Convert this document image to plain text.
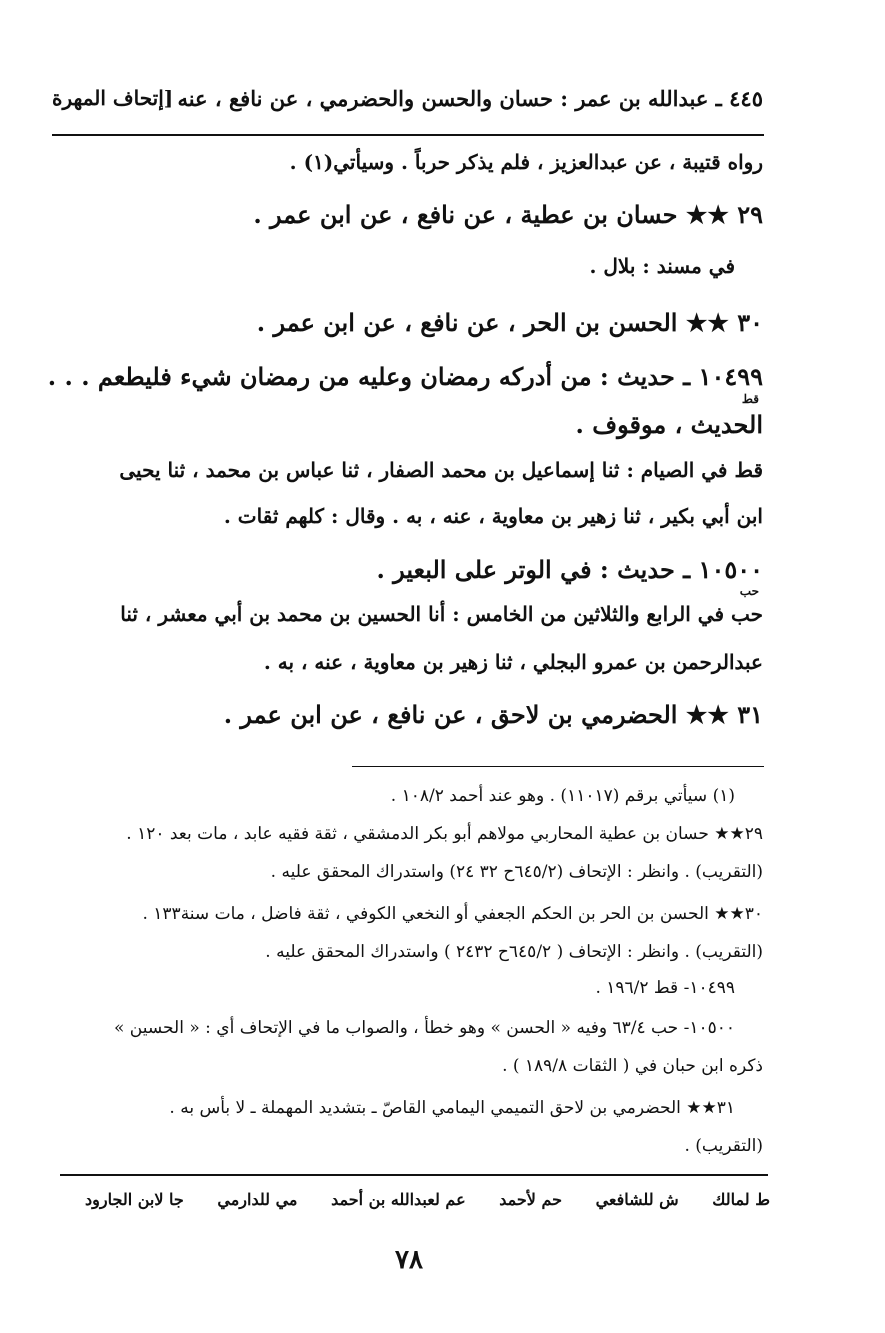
٤٤٥ ـ عبدالله بن عمر : حسان والحسن والحضرمي ، عن نافع ، عنه
[إتحاف المهرة
رواه قتيبة ، عن عبدالعزيز ، فلم يذكر حرباً . وسيأتي(١) .
٢٩ ★★ حسان بن عطية ، عن نافع ، عن ابن عمر .
في مسند : بلال .
٣٠ ★★ الحسن بن الحر ، عن نافع ، عن ابن عمر .
١٠٤٩٩ ـ حديث : من أدركه رمضان وعليه من رمضان شيء فليطعم . . .
قط
الحديث ، موقوف .
قط في الصيام : ثنا إسماعيل بن محمد الصفار ، ثنا عباس بن محمد ، ثنا يحيى
ابن أبي بكير ، ثنا زهير بن معاوية ، عنه ، به . وقال : كلهم ثقات .
١٠٥٠٠ ـ حديث : في الوتر على البعير .
حب
حب في الرابع والثلاثين من الخامس : أنا الحسين بن محمد بن أبي معشر ، ثنا
عبدالرحمن بن عمرو البجلي ، ثنا زهير بن معاوية ، عنه ، به .
٣١ ★★ الحضرمي بن لاحق ، عن نافع ، عن ابن عمر .
(١) سيأتي برقم (١١٠١٧) . وهو عند أحمد ١٠٨/٢ .
٢٩★★ حسان بن عطية المحاربي مولاهم أبو بكر الدمشقي ، ثقة فقيه عابد ، مات بعد ١٢٠ .
(التقريب) . وانظر : الإتحاف (٦٤٥/٢ح ٣٢ ٢٤) واستدراك المحقق عليه .
٣٠★★ الحسن بن الحر بن الحكم الجعفي أو النخعي الكوفي ، ثقة فاضل ، مات سنة١٣٣ .
(التقريب) . وانظر : الإتحاف ( ٦٤٥/٢ح ٢٤٣٢ ) واستدراك المحقق عليه .
١٠٤٩٩- قط ١٩٦/٢ .
١٠٥٠٠- حب ٦٣/٤ وفيه « الحسن » وهو خطأ ، والصواب ما في الإتحاف أي : « الحسين »
ذكره ابن حبان في ( الثقات ١٨٩/٨ ) .
٣١★★ الحضرمي بن لاحق التميمي اليمامي القاصّ ـ بتشديد المهملة ـ لا بأس به .
(التقريب) .
ط لمالك ش للشافعي حم لأحمد عم لعبدالله بن أحمد مي للدارمي جا لابن الجارود
٧٨
